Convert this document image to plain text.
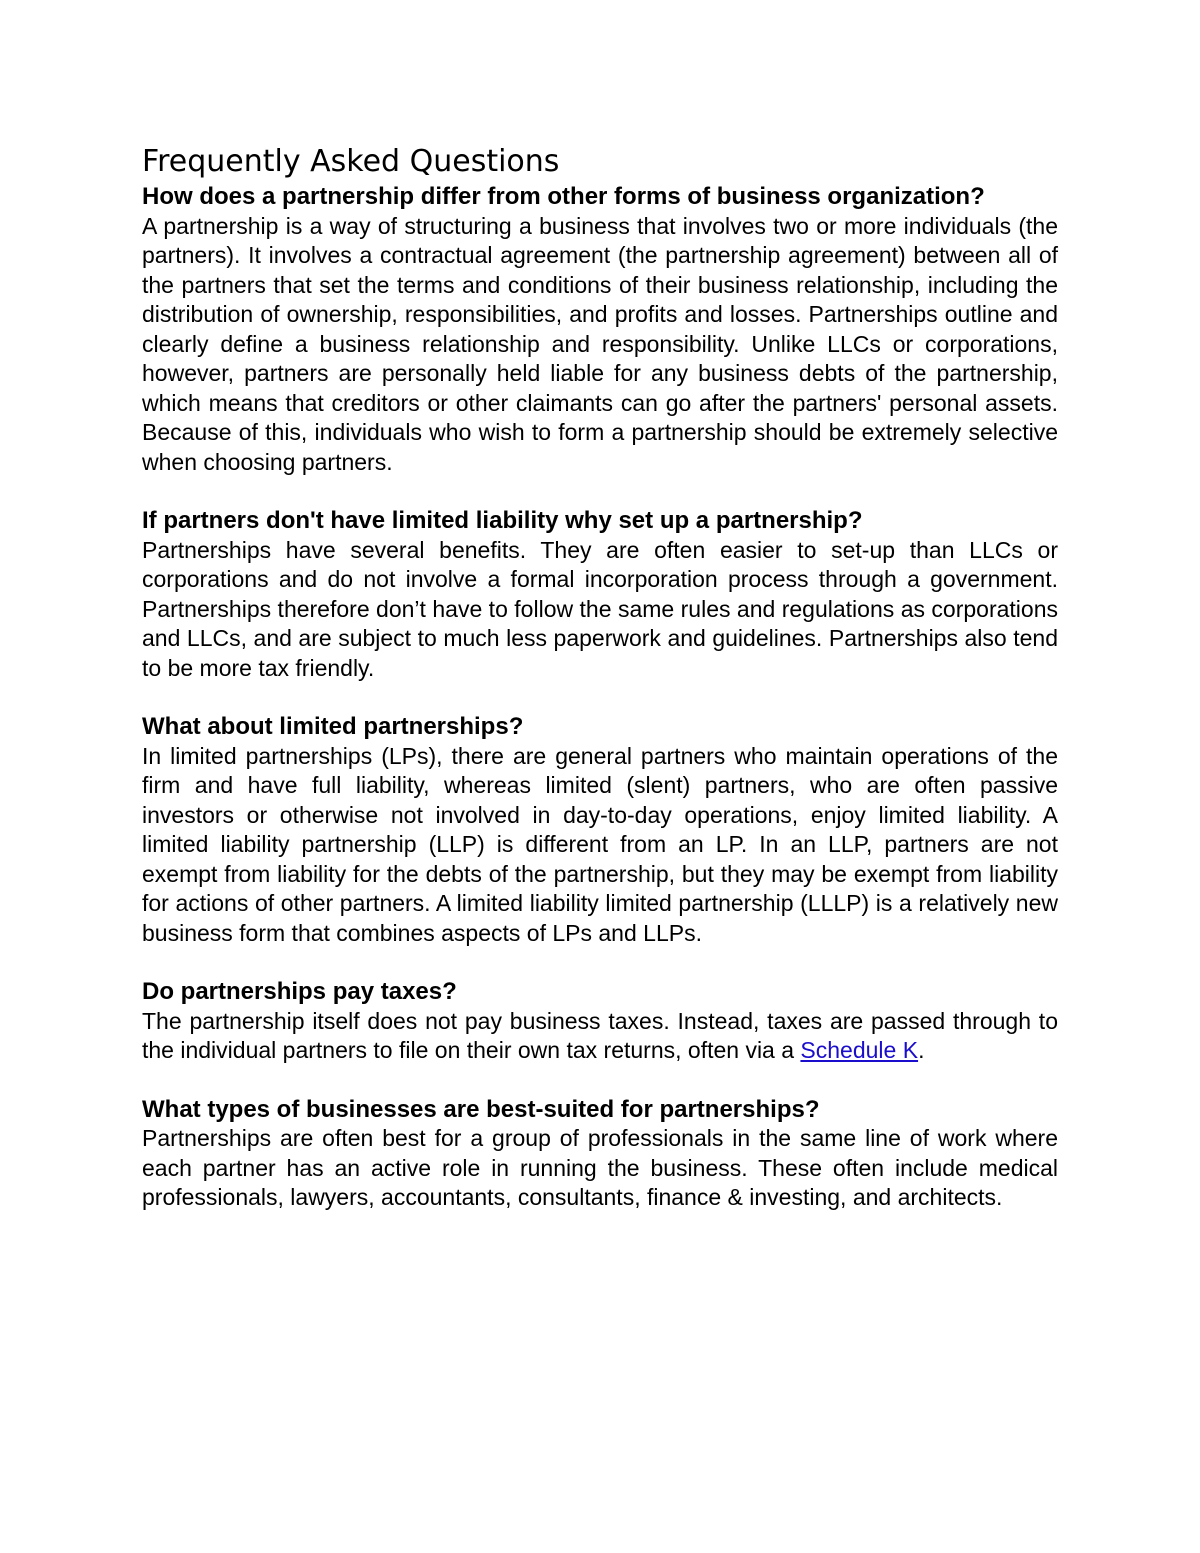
Frequently Asked Questions

How does a partnership differ from other forms of business organization?

A partnership is a way of structuring a business that involves two or more individuals (the partners). It involves a contractual agreement (the partnership agreement) between all of the partners that set the terms and conditions of their business relationship, including the distribution of ownership, responsibilities, and profits and losses. Partnerships outline and clearly define a business relationship and responsibility. Unlike LLCs or corporations, however, partners are personally held liable for any business debts of the partnership, which means that creditors or other claimants can go after the partners' personal assets. Because of this, individuals who wish to form a partnership should be extremely selective when choosing partners.

If partners don't have limited liability why set up a partnership?

Partnerships have several benefits. They are often easier to set-up than LLCs or corporations and do not involve a formal incorporation process through a government. Partnerships therefore don’t have to follow the same rules and regulations as corporations and LLCs, and are subject to much less paperwork and guidelines. Partnerships also tend to be more tax friendly.

What about limited partnerships?

In limited partnerships (LPs), there are general partners who maintain operations of the firm and have full liability, whereas limited (slent) partners, who are often passive investors or otherwise not involved in day-to-day operations, enjoy limited liability. A limited liability partnership (LLP) is different from an LP. In an LLP, partners are not exempt from liability for the debts of the partnership, but they may be exempt from liability for actions of other partners. A limited liability limited partnership (LLLP) is a relatively new business form that combines aspects of LPs and LLPs.

Do partnerships pay taxes?

The partnership itself does not pay business taxes. Instead, taxes are passed through to the individual partners to file on their own tax returns, often via a Schedule K.

What types of businesses are best-suited for partnerships?

Partnerships are often best for a group of professionals in the same line of work where each partner has an active role in running the business. These often include medical professionals, lawyers, accountants, consultants, finance & investing, and architects.
